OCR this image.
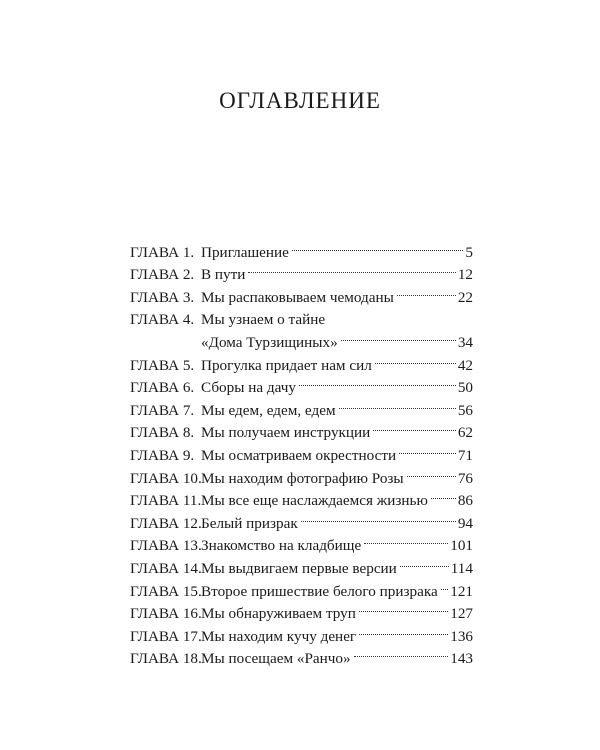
ОГЛАВЛЕНИЕ
ГЛАВА 1. Приглашение	5
ГЛАВА 2. В пути	12
ГЛАВА 3. Мы распаковываем чемоданы	22
ГЛАВА 4. Мы узнаем о тайне
«Дома Турзищиных»	34
ГЛАВА 5. Прогулка придает нам сил	42
ГЛАВА 6. Сборы на дачу	50
ГЛАВА 7. Мы едем, едем, едем	56
ГЛАВА 8. Мы получаем инструкции	62
ГЛАВА 9. Мы осматриваем окрестности	71
ГЛАВА 10. Мы находим фотографию Розы	76
ГЛАВА 11. Мы все еще наслаждаемся жизнью 86
ГЛАВА 12. Белый призрак	94
ГЛАВА 13. Знакомство на кладбище	101
ГЛАВА 14. Мы выдвигаем первые версии	114
ГЛАВА 15. Второе пришествие белого призрака 121
ГЛАВА 16. Мы обнаруживаем труп	127
ГЛАВА 17. Мы находим кучу денег	136
ГЛАВА 18. Мы посещаем «Ранчо»	143
